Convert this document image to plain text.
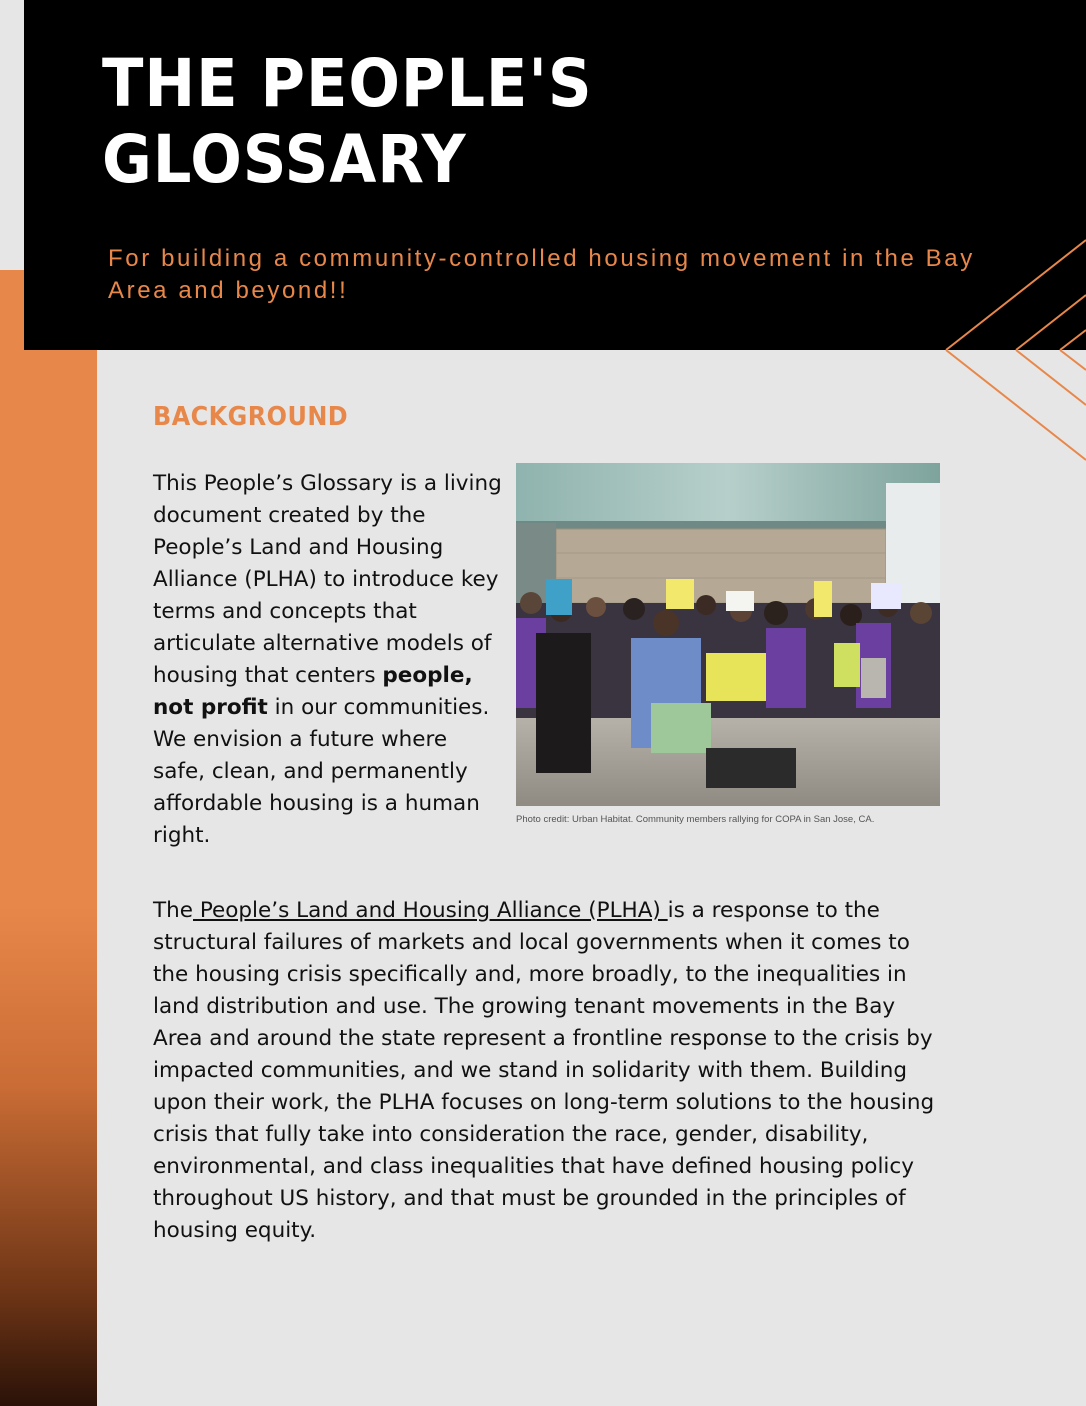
THE PEOPLE'S
GLOSSARY

For building a community-controlled housing movement in the Bay Area and beyond!!

BACKGROUND

This People’s Glossary is a living document created by the People’s Land and Housing Alliance (PLHA) to introduce key terms and concepts that articulate alternative models of housing that centers people, not profit in our communities. We envision a future where safe, clean, and permanently affordable housing is a human right.

Photo credit: Urban Habitat. Community members rallying for COPA in San Jose, CA.

The People’s Land and Housing Alliance (PLHA) is a response to the structural failures of markets and local governments when it comes to the housing crisis specifically and, more broadly, to the inequalities in land distribution and use. The growing tenant movements in the Bay Area and around the state represent a frontline response to the crisis by impacted communities, and we stand in solidarity with them. Building upon their work, the PLHA focuses on long-term solutions to the housing crisis that fully take into consideration the race, gender, disability, environmental, and class inequalities that have defined housing policy throughout US history, and that must be grounded in the principles of housing equity.
